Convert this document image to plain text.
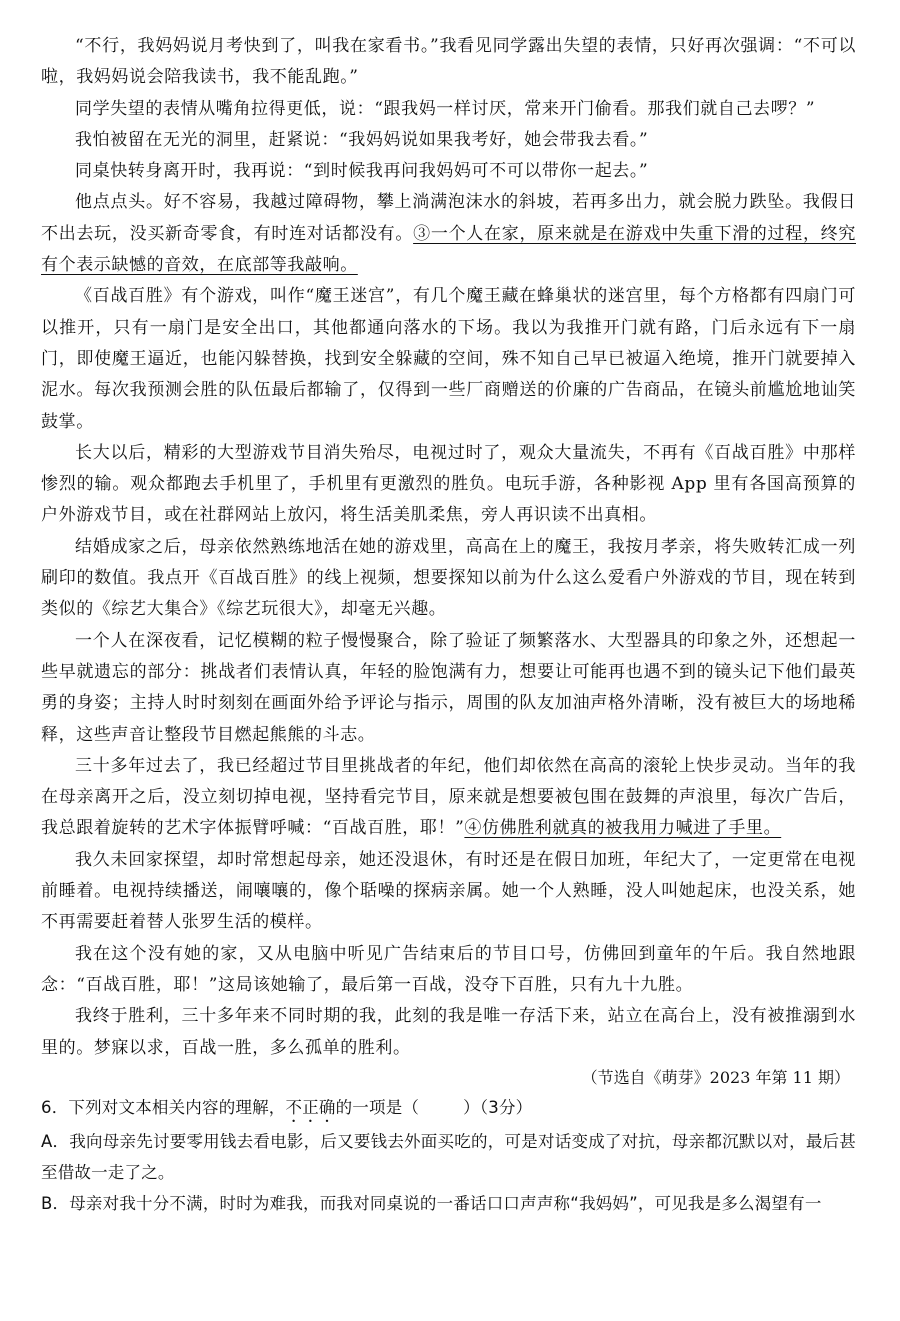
“不行，我妈妈说月考快到了，叫我在家看书。”我看见同学露出失望的表情，只好再次强调：“不可以啦，我妈妈说会陪我读书，我不能乱跑。”

同学失望的表情从嘴角拉得更低，说：“跟我妈一样讨厌，常来开门偷看。那我们就自己去啰？”

我怕被留在无光的洞里，赶紧说：“我妈妈说如果我考好，她会带我去看。”

同桌快转身离开时，我再说：“到时候我再问我妈妈可不可以带你一起去。”

他点点头。好不容易，我越过障碍物，攀上淌满泡沫水的斜坡，若再多出力，就会脱力跌坠。我假日不出去玩，没买新奇零食，有时连对话都没有。③一个人在家，原来就是在游戏中失重下滑的过程，终究有个表示缺憾的音效，在底部等我敲响。

《百战百胜》有个游戏，叫作“魔王迷宫”，有几个魔王藏在蜂巢状的迷宫里，每个方格都有四扇门可以推开，只有一扇门是安全出口，其他都通向落水的下场。我以为我推开门就有路，门后永远有下一扇门，即使魔王逼近，也能闪躲替换，找到安全躲藏的空间，殊不知自己早已被逼入绝境，推开门就要掉入泥水。每次我预测会胜的队伍最后都输了，仅得到一些厂商赠送的价廉的广告商品，在镜头前尴尬地讪笑鼓掌。

长大以后，精彩的大型游戏节目消失殆尽，电视过时了，观众大量流失，不再有《百战百胜》中那样惨烈的输。观众都跑去手机里了，手机里有更激烈的胜负。电玩手游，各种影视 App 里有各国高预算的户外游戏节目，或在社群网站上放闪，将生活美肌柔焦，旁人再识读不出真相。

结婚成家之后，母亲依然熟练地活在她的游戏里，高高在上的魔王，我按月孝亲，将失败转汇成一列刷印的数值。我点开《百战百胜》的线上视频，想要探知以前为什么这么爱看户外游戏的节目，现在转到类似的《综艺大集合》《综艺玩很大》，却毫无兴趣。

一个人在深夜看，记忆模糊的粒子慢慢聚合，除了验证了频繁落水、大型器具的印象之外，还想起一些早就遗忘的部分：挑战者们表情认真，年轻的脸饱满有力，想要让可能再也遇不到的镜头记下他们最英勇的身姿；主持人时时刻刻在画面外给予评论与指示，周围的队友加油声格外清晰，没有被巨大的场地稀释，这些声音让整段节目燃起熊熊的斗志。

三十多年过去了，我已经超过节目里挑战者的年纪，他们却依然在高高的滚轮上快步灵动。当年的我在母亲离开之后，没立刻切掉电视，坚持看完节目，原来就是想要被包围在鼓舞的声浪里，每次广告后，我总跟着旋转的艺术字体振臂呼喊：“百战百胜，耶！”④仿佛胜利就真的被我用力喊进了手里。

我久未回家探望，却时常想起母亲，她还没退休，有时还是在假日加班，年纪大了，一定更常在电视前睡着。电视持续播送，闹嚷嚷的，像个聒噪的探病亲属。她一个人熟睡，没人叫她起床，也没关系，她不再需要赶着替人张罗生活的模样。

我在这个没有她的家，又从电脑中听见广告结束后的节目口号，仿佛回到童年的午后。我自然地跟念：“百战百胜，耶！”这局该她输了，最后第一百战，没夺下百胜，只有九十九胜。

我终于胜利，三十多年来不同时期的我，此刻的我是唯一存活下来，站立在高台上，没有被推溺到水里的。梦寐以求，百战一胜，多么孤单的胜利。

（节选自《萌芽》2023 年第 11 期）

6．下列对文本相关内容的理解，不正确的一项是（	）（3分）

A．我向母亲先讨要零用钱去看电影，后又要钱去外面买吃的，可是对话变成了对抗，母亲都沉默以对，最后甚至借故一走了之。

B．母亲对我十分不满，时时为难我，而我对同桌说的一番话口口声声称“我妈妈”，可见我是多么渴望有一
